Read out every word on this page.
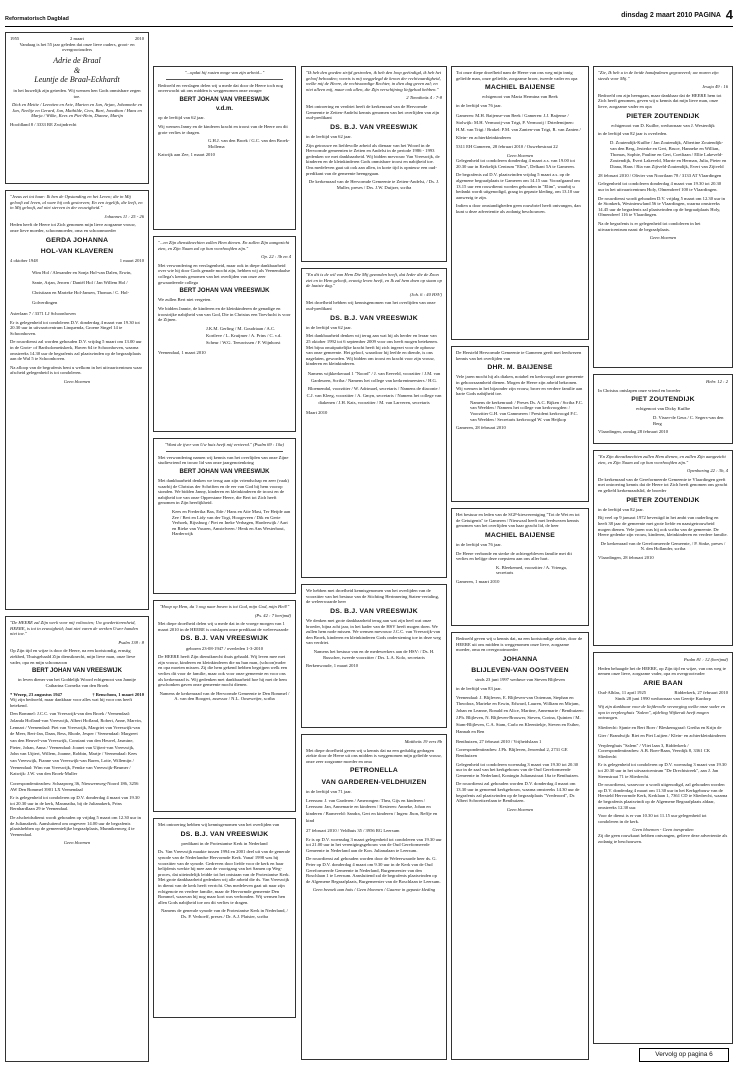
Reformatorisch Dagblad	dinsdag 2 maart 2010 PAGINA 4
1955	2 maart	2010

Vandaag is het 55 jaar geleden dat onze lieve ouders, groot- en overgrootouders

Adrie de Braal
&
Leuntje de Braal-Eckhardt

in het huwelijk zijn getreden. Wij wensen hen Gods onmisbare zegen toe.

Dick en Mettie / Leentien en Arie, Marten en Jan, Arjan, Johanneke en Jan, Neeltje en Gerard, Jan, Mathilde, Cees, Bart, Jonathan / Hans en Marja / Wilke, Kees en Piet-Hein, Dianne, Marijn

Hoofdland 8 / 3333 RE Zwijndrecht

"Jezus zei tot haar: Ik ben de Opstanding en het Leven; die in Mij gelooft zal leven, al ware hij ook gestorven; En een iegelijk, die leeft, en in Mij gelooft, zal niet sterven in der eeuwigheid."

Johannes 11 : 25 - 26

Heden heeft de Heere tot Zich genomen mijn lieve zorgzame vrouw, onze lieve moeder, schoonmoeder, oma en schoonmoeder

GERDA JOHANNA
HOL-VAN KLAVEREN
4 oktober 1948	1 maart 2010

Wim Hol / Alexander en Sonja Hol-van Dalen, Erwin, Sante, Arjan, Jeroen / Daniël Hol / Jan Willem Hol / Christiaan en Marieke Hol-Jansen, Thomas / C. Hol-Golverdingen

Asterlaan 7 / 3371 LJ Schoonhoven

Er is gelegenheid tot condoleren D.V. donderdag 4 maart van 19.30 tot 20.30 uur in uitvaartcentrum Linquenda, Groene Singel 14 te Schoonhoven.

De rouwdienst zal worden gehouden D.V. vrijdag 5 maart om 13.00 uur in de Grote- of Bartholomeüskerk, Haven 64 te Schoonhoven, waarna omstreeks 14.30 uur de begrafenis zal plaatsvinden op de begraafplaats aan de Wal 5 te Schoonhoven.

Na afloop van de begrafenis bent u welkom in het uitvaartcentrum waar afscheid gelegenheid is tot condoleren.

Geen bloemen

"De HEERE zal Zijn werk voor mij voltooien; Uw goedertierenheid, HEERE, is tot in eeuwigheid; laat niet varen de werken Uwer handen niet toe."

Psalm 138 : 8

Op Zijn tijd en wijze is door de Heere, na een kortstondig, ernstig ziekbed, Thuisgehaald Zijn dienstknecht, mijn lieve man, onze lieve vader, opa en mijn schoonzoon

BERT JOHAN VAN VREESWIJK

in leven diener van het Goddelijk Woord echtgenoot van Jannije Catharina Cornelia van den Broek

* Wezep, 23 augustus 1947	† Benschom, 1 maart 2010

Wij zijn bedroefd, maar dankbaar voor alles wat hij voor ons heeft betekend.

Den Bommel: J.C.C. van Vreeswijk-van den Broek / Veenendaal: Jolanda Hofland-van Vreeswijk, Albert Hofland, Robert, Anne, Marvin, Lennart / Veenendaal: Piet van Vreeswijk, Margriet van Vreeswijk-van de Meer, Bert-Jan, Daan, Bess, Rhode, Jesper / Veenendaal: Margreet van den Heuvel-van Vreeswijk, Constant van den Heuvel, Jasmine, Pieter, Johan, Anna / Veenendaal: Joanet van Uijtert-van Vreeswijk, John van Uijtert, Willem, Joanne, Robbin, Martje / Veenendaal: Kees van Vreeswijk, Fianne van Vreeswijk-van Baren, Lotte, Willemijn / Veenendaal: Wim van Vreeswijk, Femke van Vreeswijk-Beumer / Katwijk: J.W. van den Broek-Muller

Correspondentieadres: Schaapweg 36, Nieuwenweg-Noord 186, 3256 AW Den Bommel 3901 LX Veenendaal

Er is gelegenheid tot condoleren op D.V. donderdag 4 maart van 19.30 tot 20.30 uur in de kerk, Maranatha, bij de Julianakerk, Prins Bernhardlaan 29 te Veenendaal.

De afscheidsdienst wordt gehouden op vrijdag 5 maart om 12.30 uur in de Julianakerk. Aansluitend om ongeveer 14.00 uur de begrafenis plaatshebben op de gemeentelijke begraafplaats, Munnikenweg 4 te Veenendaal.

Geen bloemen

"...opdat hij rusten moge van zijn arbeid..."

Bedroefd en verslagen delen wij u mede dat door de Heere toch nog onverwacht uit ons midden is weggenomen onze zwager

BERT JOHAN VAN VREESWIJK
v.d.m.

op de leeftijd van 62 jaar.

Wij wensen Janny en de kinderen kracht en troost van de Heere om dit grote verlies te dragen.

G.H.J. van den Broek / G.C. van den Broek-Mollema

Katwijk aan Zee, 1 maart 2010

"...en Zijn dienstknechten zullen Hem dienen. En zullen Zijn aangezicht zien, en Zijn Naam zal op hun voorhoofden zijn."

Op. 22 : 3b en 4

Met verwondering en verslagenheid, maar ook in diepe dankbaarheid over wie hij door Gods genade mocht zijn, hebben wij als Veenendaalse collega's kennis genomen van het overlijden van onze zeer gewaardeerde collega

BERT JOHAN VAN VREESWIJK

We zullen Bert niet vergeten.

We bidden Jannie, de kinderen en de kleinkinderen de genadige en troostrijke nabijheid van van God, Die in Christus een Toevlucht is voor de Zijnen.

J.K.M. Gerling / M. Goudriaan / A.C. Kortleve / L. Kruijmer / A. Prins / C. v.d. Scheur / W.G. Teeuwissen / F. Wijnhorst

Veenendaal, 1 maart 2010

"Want de ijver van Uw huis heeft mij verteerd." (Psalm 69 : 10a)

Met verwondering namen wij kennis van het overlijden van onze Zijne studievriend en trouw lid van onze jaargenotenkring

BERT JOHAN VAN VREESWIJK

Met dankbaarheid denken we terug aan zijn vriendschap en zeer (vaak) waarbij de Christus der Schriften en de eer van God bij hem voorop stonden. We bidden Janny, kinderen en kleinkinderen de troost en de nabijheid toe van onze Opperstane Heere, die Bert tot Zich heeft genomen in Zijn heerlijkheid.

Kees en Frederika Bax, Ede / Hans en Atie Mast, Ter Heijde aan Zee / Bert en Lidy van der Togt, Hoogeveen / Dik en Gerie Verhoek, Rijssburg / Piet en Ineke Verhagen, Harderwijk / Aart en Rieke van Vuuren, Amstelveen / Henk en Ans Westerhout, Harderwijk

"Hoop op Hem, da 't oog naar boven is tot God, mijn God, mijn Heil!"

(Ps. 42 : 7 berijmd)

Met diepe droefheid delen wij u mede dat in de vroege morgen van 1 maart 2010 in de HEERE is ontslapen onze predikant de weleerwaarde

DS. B.J. VAN VREESWIJK

geboren 23-08-1947 / overleden 1-3-2010

De HEERE heeft Zijn dienstknecht thuis gehaald. Wij leven mee met zijn vrouw, kinderen en kleinkinderen die nu hun man, (schoon)vader en opa moeten missen. Zij die hem gekend hebben begrijpen welk een verlies dit voor de familie, maar ook voor onze gemeente en voor ons als kerkenraad is. Wij gedenken met dankbaarheid hoe hij met de hem geschonken gaven onze gemeente mocht dienen.

Namens de kerkenraad van de Hervormde Gemeente te Den Bommel / A. van den Boogert, assessor / N.L. Ooseweijer, scriba

Met ontroering hebben wij kennisgenomen van het overlijden van

DS. B.J. VAN VREESWIJK

predikant in de Protestantse Kerk in Nederland

Ds. Van Vreeswijk maakte tussen 1994 en 2001 deel uit van de generale synode van de Nederlandse Hervormde Kerk. Vanaf 1998 was hij voorzitter van de synode. Gedreven door liefde voor de kerk en haar belijdenis werkte hij mee aan de voortgang van het Samen op Weg-proces, dat uiteindelijk leidde tot het ontstaan van de Protestantse Kerk. Met grote dankbaarheid gedenken wij alle arbeid die ds. Van Vreeswijk in dienst van de kerk heeft verricht. Ons medeleven gaat uit naar zijn echtgenote en verdere familie, maar de Hervormde gemeente Den Bommel, waarvan hij nog maar kort was verbonden. Wij wensen hen allen Gods nabijheid toe om dit verlies te dragen.

Namens de generale synode van de Protestantse Kerk in Nederland, / Ds. P. Verhoeff, preses / Dr. A.J. Plaisier, scriba

"Ik heb den goeden strijd gestreden, ik heb den loop geëindigd, ik heb het geloof behouden; voorts is mij weggelegd de kroon der rechtvaardigheid, welke mij de Heere, de rechtvaardige Rechter, in dien dag geven zal; en niet alleen mij, maar ook allen, die Zijn verschijning liefgehad hebben."

2 Timotheüs 4 : 7-8

Met ontroering en verdriet heeft de kerkenraad van de Hervormde Gemeente te Zetten-Andelst kennis genomen van het overlijden van zijn oud-predikant

DS. B.J. VAN VREESWIJK

in de leeftijd van 62 jaar.

Zijn getrouwe en liefdevolle arbeid als dienaar van het Woord in de Hervormde gemeenten te Zetten en Andelst in de periode 1986 - 1993 gedenken we met dankbaarheid. Wij bidden mevrouw Van Vreeswijk, de kinderen en de kleinkinderen Gods onmisbare troost en nabijheid toe. Ons medeleven gaat uit ook aan allen, in korte tijd is opnieuw een oud-predikant van de gemeente heengegaan.

De kerkenraad van de Hervormde Gemeente te Zetten-Andelst, / Ds. J. Muller, preses / Drs. J.W. Duijzer, scriba

"En dit is de wil van Hem Die Mij gezonden heeft, dat Ieder die de Zoon ziet en in Hem gelooft, eeuwig leven heeft, en Ik zal hem doen op staan op de laatste dag."

(Joh. 6 : 40 HSV)

Met droefheid hebben wij kennisgenomen van het overlijden van onze oud-predikant

DS. B.J. VAN VREESWIJK

in de leeftijd van 62 jaar.

Met dankbaarheid denken wij terug aan wat hij als herder en leraar van 25 oktober 1992 tot 6 september 2009 voor ons heeft mogen betekenen. Met bijna onuitputtelijke kracht heeft hij zich ingezet voor de opbouw van onze gemeente. Het geloof, waardoor hij leefde en diende, is ons nagelaten, geworden. Wij bidden om troost en kracht voor zijn vrouw, kinderen en kleinkinderen.

Namens wijkkerkeraad 1 "Noord" / J. van Eeeveld, voorzitter / J.M. van Gardeuren, Scriba / Namens het college van kerkrentmeesters / H.G. Bloemendal, voorzitter / W. Adrimael, secretaris / Namens de diaconie / C.J. van Kleeg, voorzitter / A. Gmyn, secretaris / Namens het college van diakenen / J.H. Kats, voorzitter / M. van Larveren, secretaris

Maart 2010

We hebben met droefheid kennisgenomen van het overlijden van de voorzitter van het bestuur van de Stichting Herinnering Staten-vertaling, de weleerwaarde heer

DS. B.J. VAN VREESWIJK

We denken met grote dankbaarheid terug aan wat zijn heel wat onze broeder, bijna acht jaar, in het kader van de HSV heeft mogen doen. We zullen hem node missen. We wensen mevrouw J.C.C. van Vreeswijk-van den Broek, kinderen en kleinkinderen Gods onderstening toe in deze weg van verdriet.

Namens het bestuur van en de medewerkers aan de HSV: / Ds. H. Russcher, tweede voorzitter / Drs. L.A. Kolo, secretaris

Berkenwoude, 1 maart 2010

Mattheüs 19 vers 8b

Met diepe droefheid geven wij u kennis dat na een geduldig gedragen ziekte door de Heere uit ons midden is weggenomen mijn geliefde vrouw, onze zeer zorgzame moeder en oma

PETRONELLA
VAN GARDEREN-VELDHUIZEN

in de leeftijd van 71 jaar.

Leersum: J. van Garderen / Amerongen: Thea, Gijs en kinderen / Leersum: Jan, Annemarie en kinderen / Kesteren: Anneke, Johan en kinderen / Barneveld: Sandra, Gert en kinderen / Ingen: Jhon, Reffje en kind

27 februari 2010 / Veldhuis 35 / 3956 RG Leersum

Er is op D.V. woensdag 3 maart gelegenheid tot condoleren van 19.30 uur tot 21.00 uur in het verenigingsgebouw van de Oud Gereformeerde Gemeente in Nederland aan de Kon. Julianalaan te Leersum.

De rouwdienst zal gehouden worden door de Weleerwaarde heer ds. G. Peter op D.V. donderdag 4 maart om 9.30 uur in de Kerk van de Oud Gereformeerde Gemeente in Nederland, Burgemeester van den Boschlaan 1 te Leersum. Aansluitend zal de begrafenis plaatsvinden op de Algemene Begraafplaats, Burgemeester van de Boschlaan te Leersum.

Geen bezoek aan huis / Geen bloemen / Gaarne in gepaste kleding

Tot onze diepe droefheid nam de Heere van ons weg mijn innig geliefde man, onze geliefde, zorgzame broer, tweede vader en opa

MACHIEL BAIJENSE

echtgenoot van Maria Hermina van Beek

in de leeftijd van 76 jaar.

Gameren: M.H. Baijense-van Beek / Gameren: J.J. Baijense / Stolwijk: M.H. Vermooij-van Trigt, P. Vermooij / Driedemijnen: H.M. van Trigt / Brakel: P.M. van Zanten-van Trigt, R. van Zanten / Klein- en achterkleinkinderen

5311 EH Gameren, 28 februari 2010 / Ouwebestraat 22

Geen bloemen

Gelegenheid tot condoleren donderdag 4 maart a.s. van 19.00 tot 20.30 uur in Kerkelijk Centrum "Elim", Delkant 5A te Gameren.

De begrafenis zal D.V. plaatsvinden vrijdag 5 maart a.s. op de algemene begraafplaats te Gameren om 14.15 uur. Voorafgaand om 13.15 uur een rouwdienst worden gehouden in "Elim", waarbij u bedankt wordt uitgenodigd, graag in gepaste kleding, om 13.10 uur aanwezig te zijn.

Indien u door omstandigheden geen rouwbrief heeft ontvangen, dan kunt u deze advertentie als zodanig beschouwen.

De Hersteld Hervormde Gemeente te Gameren geeft met leedwezen kennis van het overlijden van

DHR. M. BAIJENSE

Vele jaren mocht hij als diaken, notabel en kerkvoogd onze gemeente in gehoorzaamheid dienen. Mogen de Heere zijn arbeid bekronen. Wij wensen in het bijzonder zijn vrouw, broer en verdere familie aan harte Gods nabijheid toe.

Namens de kerkenraad: / Preses Ds. A.C. Bijken / Scriba F.C. van Weelden / Namens het college van kerkvoogden: / Voorzitter G.H. van Gammeren / President kerkvoogd F.C. van Weelden / Secretaris kerkvoogd W. van Heijkop

Gameren, 28 februari 2010

Het bestuur en leden van de SGP-kiesvereniging "Tot de Wet en tot de Getuigenis" te Gameren / Nieuwaal heeft met leedwezen kennis genomen van het overlijden van haar geacht lid, de heer

MACHIEL BAIJENSE

in de leeftijd van 76 jaar.

De Heere verbonde en sterke de achtergebleven familie met dit verlies en belijge deze roepstem aan ons aller hart.

K. Bleekemed, voorzitter / A. Vrienga, secretaris

Gameren, 1 maart 2010

Bedroefd geven wij u kennis dat, na een kortstondige ziekte, door de HEERE uit ons midden is weggenomen onze lieve, zorgzame moeder, oma en overgrootmoeder

JOHANNA
BLIJLEVEN-VAN OOSTVEEN

sinds 23 juni 1997 weduwe van Steven Blijleven

in de leeftijd van 83 jaar.

Veenendaal: J. Blijleven, E. Blijleven-van Ooteman, Stephan en Theodora, Marieke en Erwin, Edward, Lauren, William en Mirjam, Johan en Leanne, Ronald en Alice, Martine, Annemarie / Benthuizen: J.Ph. Blijleven, N. Blijleven-Brouwer, Steven, Corina, Quinten / M. Stam-Blijleven, C.A. Stam, Carlo en Kleentiekje, Steven en Esther, Hannah en Ben

Benthuizen, 27 februari 2010 / Vrijheidslaan 1

Correspondentieadres: J.Ph. Blijleven, Jeroenhal 2, 2731 GE Benthuizen

Gelegenheid tot condoleren woensdag 3 maart van 19.30 tot 20.30 uur in de zaal van het kerkgebouw van de Oud Gereformeerde Gemeente in Nederland, Koningin Julianastraat 16a te Benthuizen.

De rouwdienst zal gehouden worden D.V. donderdag 4 maart om 13.30 uur in genoemd kerkgebouw, waarna omstreeks 14.30 uur de begrafenis zal plaatsvinden op de begraafplaats "Vredeoord", Dr. Albert Schweitzerlaan te Benthuizen.

Geen bloemen

"Zie, Ik heb u in de beide handpalmen gegraveerd; uw muren zijn steeds voor Mij."

Jesaja 49 : 16

Bedroefd om zijn heengaan, maar dankbaar dat de HEERE hem tot Zich heeft genomen, geven wij u kennis dat mijn lieve man, onze lieve, zorgzame vader en opa

PIETER ZOUTENDIJK

echtgenoot van D. Kuilbe, weduwnaar van J. Westerdijk

in de leeftijd van 82 jaar is overleden.

D. Zoutendijk-Kuilbe / Jan Zoutendijk, Albertine Zoutendijk-van den Berg, Jesterke en Gert, Bruce, Hanneke en Willian, Thomas, Sophie, Pauline en Gert, Coetliaan / Ellie Lakeveld-Zoutendijk, Evert Lakeveld, Marrie en Herman, Julia, Pieter en Diana, Hans / Ria van Zijtveld-Zoutendijk, Evert van Zijtveld

28 februari 2010 / Olivier van Noortlaan 78 / 3133 AT Vlaardingen

Gelegenheid tot condoleren donderdag 4 maart van 19.30 tot 20.30 uur in het uitvaartcentrum Holy, Olmendreef 100 te Vlaardingen.

De rouwdienst wordt gehouden D.V. vrijdag 5 maart om 12.30 uur in de Sionkerk, Westnieuwland 56 te Vlaardingen, waarna omstreeks 14.45 uur de begrafenis zal plaatsvinden op de begraafplaats Holy, Olmendreef 116 te Vlaardingen.

Na de begrafenis is er gelegenheid tot condoleren in het uitvaartcentrum naast de begraafplaats.

Geen bloemen
Hebr. 12 : 2

In Christus ontslapen onze vriend en broeder

PIET ZOUTENDIJK

echtgenoot van Dicky Kuilbe

D. Visser-de Geus / C. Segers-van den Berg

Vlaardingen, zondag 28 februari 2010

"En Zijn dienstknechten zullen Hem dienen, en zullen Zijn aangezicht zien, en Zijn Naam zal op hun voorhoofden zijn."

Openbaring 22 : 3b, 4

De kerkenraad van de Gereformeerde Gemeente te Vlaardingen geeft met ontroering kennis dat de Heere tot Zich heeft genomen ons geacht en geliefd kerkenraadslid, de broeder

PIETER ZOUTENDIJK

in de leeftijd van 82 jaar.

Bij veel op 9 januari 1972 bevestigd in het ambt van ouderling en heeft 38 jaar de gemeente met grote liefde en naastgetrouwheid mogen dienen. Vele jaren was hij ook scriba van de gemeente. De Heere gedenke zijn vrouw, kinderen, kleinkinderen en verdere familie.

De kerkenraad van de Gereformeerde Gemeente, / P. Sinke, preses / N. den Hollander, scriba

Vlaardingen, 28 februari 2010

Psalm 81 : 12 (berijmd)

Heden behaagde het de HEERE, op Zijn tijd en wijze, van ons weg te nemen onze lieve, zorgzame vader, opa en overgrootvader

ARIE BAAN
Oud-Alblas, 11 april 1925	Ridderkerk, 27 februari 2010

Sinds 28 juni 1990 weduwnaar van Geertje Kardorp

Wij zijn dankbaar voor de liefdevolle verzorging welke onze vader en opa in verpleeghuis "Salem", afdeling Wijkerak heeft mogen ontvangen.

Sliedrecht: Sjanie en Bert Boer / Bleskensgraaf: Gretha en Krijn de Gier / Brandwijk: Riet en Piet Luijten / Klein- en achterkleinkinderen

Verpleeghuis "Salem" / Vliet laan 3, Ridderkerk / Correspondentieadres: A.B. Boer-Baan, Veerdijk 8, 3361 CK Sliedrecht

Er is gelegenheid tot condoleren op D.V. woensdag 3 maart van 19.30 tot 20.30 uur in het uitvaartcentrum "De Drechtstreek", aan J. Jan Steenstraat 71 te Sliedrecht.

De rouwdienst, waarvoor u wordt uitgenodigd, zal gehouden worden op D.V. donderdag 4 maart om 11.30 uur in het Kerkgebouw van de Hersteld Hervormde Kerk, Kerklaan 1, 7361 CD te Sliedrecht, waarna de begrafenis plaatsvindt op de Algemene Begraafplaats aldaar, omstreeks 12.30 uur.

Voor de dienst is er van 10.30 tot 11.15 uur gelegenheid tot condoleren in de kerk.

Geen bloemen - Geen toespraken

Zij die geen rouwkaart hebben ontvangen, gelieve deze advertentie als zodanig te beschouwen.

Vervolg op pagina 6
